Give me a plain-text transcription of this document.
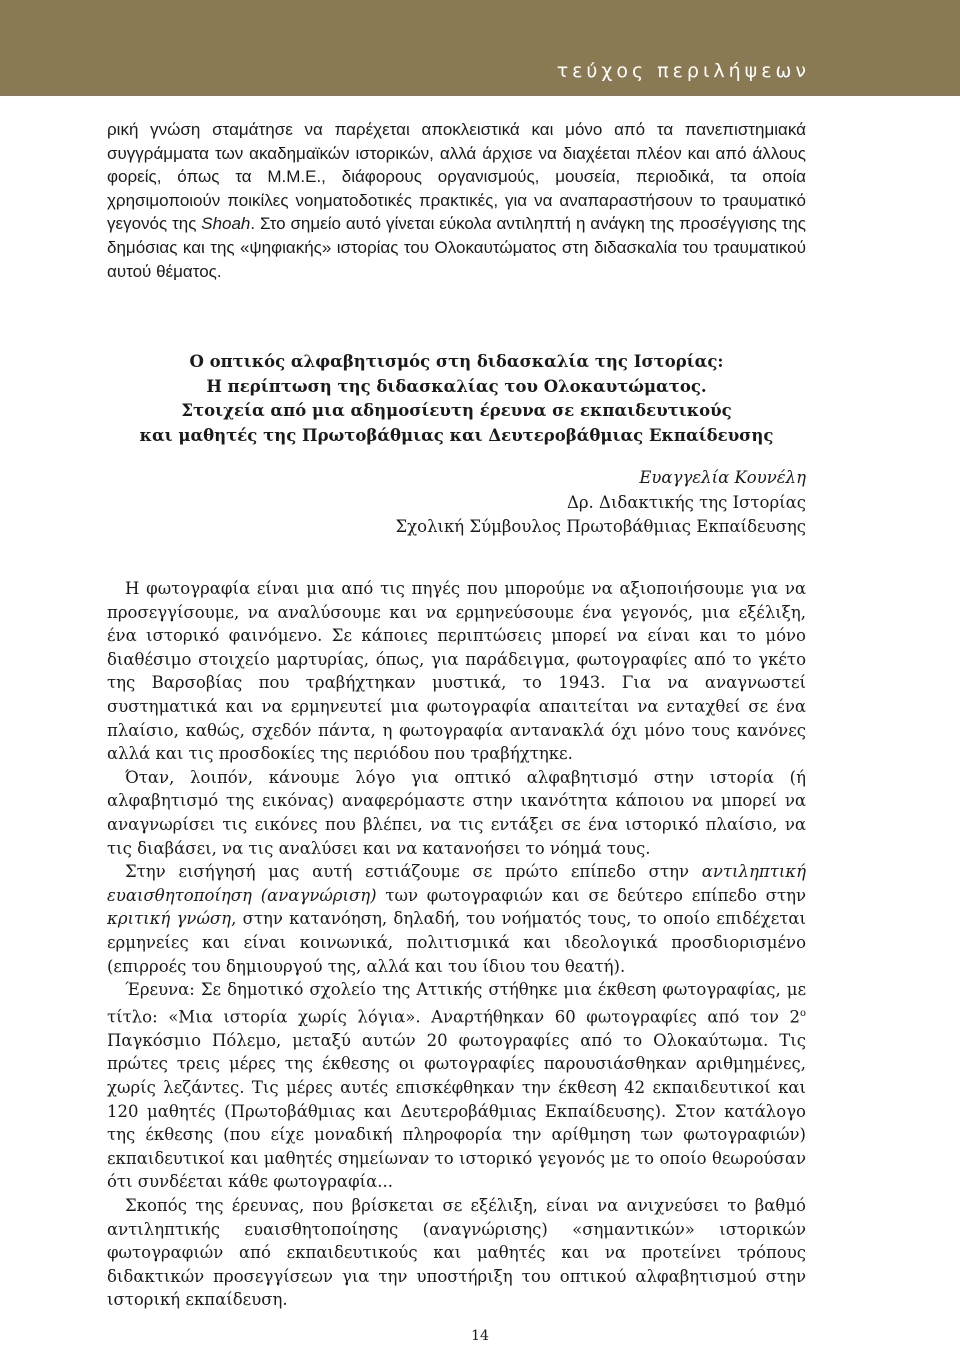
τεύχος περιλήψεων

ρική γνώση σταμάτησε να παρέχεται αποκλειστικά και μόνο από τα πανεπιστημιακά συγγράμματα των ακαδημαϊκών ιστορικών, αλλά άρχισε να διαχέεται πλέον και από άλλους φορείς, όπως τα Μ.Μ.Ε., διάφορους οργανισμούς, μουσεία, περιοδικά, τα οποία χρησιμοποιούν ποικίλες νοηματοδοτικές πρακτικές, για να αναπαραστήσουν το τραυματικό γεγονός της Shoah. Στο σημείο αυτό γίνεται εύκολα αντιληπτή η ανάγκη της προσέγγισης της δημόσιας και της «ψηφιακής» ιστορίας του Ολοκαυτώματος στη διδασκαλία του τραυματικού αυτού θέματος.

Ο οπτικός αλφαβητισμός στη διδασκαλία της Ιστορίας:
Η περίπτωση της διδασκαλίας του Ολοκαυτώματος.
Στοιχεία από μια αδημοσίευτη έρευνα σε εκπαιδευτικούς
και μαθητές της Πρωτοβάθμιας και Δευτεροβάθμιας Εκπαίδευσης
Ευαγγελία Κουνέλη
Δρ. Διδακτικής της Ιστορίας
Σχολική Σύμβουλος Πρωτοβάθμιας Εκπαίδευσης

Η φωτογραφία είναι μια από τις πηγές που μπορούμε να αξιοποιήσουμε για να προσεγγίσουμε, να αναλύσουμε και να ερμηνεύσουμε ένα γεγονός, μια εξέλιξη, ένα ιστορικό φαινόμενο. Σε κάποιες περιπτώσεις μπορεί να είναι και το μόνο διαθέσιμο στοιχείο μαρτυρίας, όπως, για παράδειγμα, φωτογραφίες από το γκέτο της Βαρσοβίας που τραβήχτηκαν μυστικά, το 1943. Για να αναγνωστεί συστηματικά και να ερμηνευτεί μια φωτογραφία απαιτείται να ενταχθεί σε ένα πλαίσιο, καθώς, σχεδόν πάντα, η φωτογραφία αντανακλά όχι μόνο τους κανόνες αλλά και τις προσδοκίες της περιόδου που τραβήχτηκε.

Όταν, λοιπόν, κάνουμε λόγο για οπτικό αλφαβητισμό στην ιστορία (ή αλφαβητισμό της εικόνας) αναφερόμαστε στην ικανότητα κάποιου να μπορεί να αναγνωρίσει τις εικόνες που βλέπει, να τις εντάξει σε ένα ιστορικό πλαίσιο, να τις διαβάσει, να τις αναλύσει και να κατανοήσει το νόημά τους.

Στην εισήγησή μας αυτή εστιάζουμε σε πρώτο επίπεδο στην αντιληπτική ευαισθητοποίηση (αναγνώριση) των φωτογραφιών και σε δεύτερο επίπεδο στην κριτική γνώση, στην κατανόηση, δηλαδή, του νοήματός τους, το οποίο επιδέχεται ερμηνείες και είναι κοινωνικά, πολιτισμικά και ιδεολογικά προσδιορισμένο (επιρροές του δημιουργού της, αλλά και του ίδιου του θεατή).

Έρευνα: Σε δημοτικό σχολείο της Αττικής στήθηκε μια έκθεση φωτογραφίας, με τίτλο: «Μια ιστορία χωρίς λόγια». Αναρτήθηκαν 60 φωτογραφίες από τον $2^o$ Παγκόσμιο Πόλεμο, μεταξύ αυτών 20 φωτογραφίες από το Ολοκαύτωμα. Τις πρώτες τρεις μέρες της έκθεσης οι φωτογραφίες παρουσιάσθηκαν αριθμημένες, χωρίς λεζάντες. Τις μέρες αυτές επισκέφθηκαν την έκθεση 42 εκπαιδευτικοί και 120 μαθητές (Πρωτοβάθμιας και Δευτεροβάθμιας Εκπαίδευσης). Στον κατάλογο της έκθεσης (που είχε μοναδική πληροφορία την αρίθμηση των φωτογραφιών) εκπαιδευτικοί και μαθητές σημείωναν το ιστορικό γεγονός με το οποίο θεωρούσαν ότι συνδέεται κάθε φωτογραφία...

Σκοπός της έρευνας, που βρίσκεται σε εξέλιξη, είναι να ανιχνεύσει το βαθμό αντιληπτικής ευαισθητοποίησης (αναγνώρισης) «σημαντικών» ιστορικών φωτογραφιών από εκπαιδευτικούς και μαθητές και να προτείνει τρόπους διδακτικών προσεγγίσεων για την υποστήριξη του οπτικού αλφαβητισμού στην ιστορική εκπαίδευση.

14
